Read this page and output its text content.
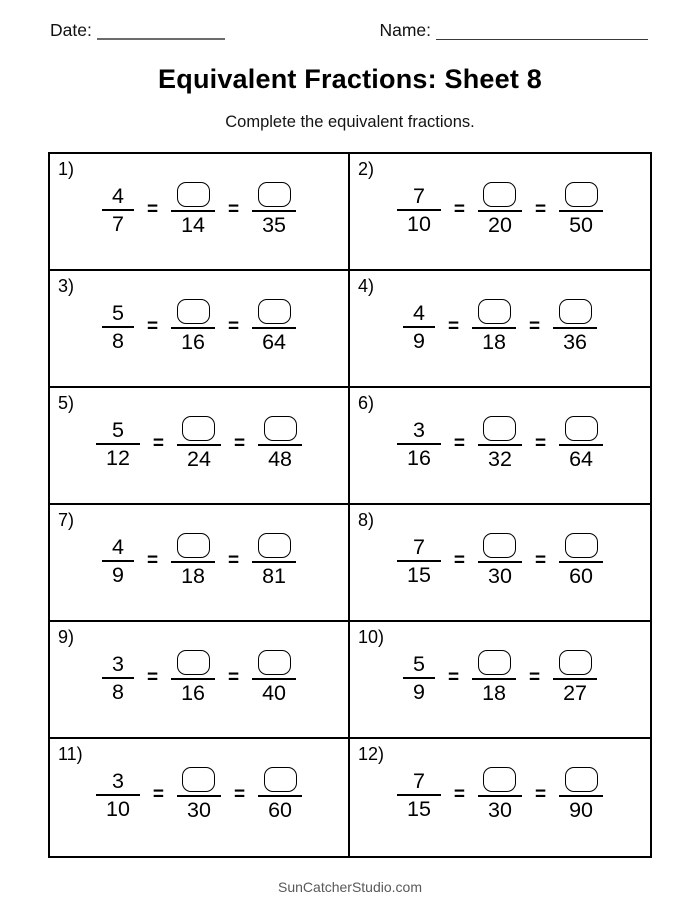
Date:	Name:
Equivalent Fractions: Sheet 8
Complete the equivalent fractions.
1)
$\frac{4}{7}$ =
14
=
35
2)
$\frac{7}{10}$ =
20
=
50
3)
$\frac{5}{8}$ =
16
=
64
4)
$\frac{4}{9}$ =
18
=
36
5)
$\frac{5}{12}$ =
24
=
48
6)
$\frac{3}{16}$ =
32
=
64
7)
$\frac{4}{9}$ =
18
=
81
8)
$\frac{7}{15}$ =
30
=
60
9)
$\frac{3}{8}$ =
16
=
40
10)
$\frac{5}{9}$ =
18
=
27
11)
$\frac{3}{10}$ =
30
=
60
12)
$\frac{7}{15}$ =
30
=
90
SunCatcherStudio.com
